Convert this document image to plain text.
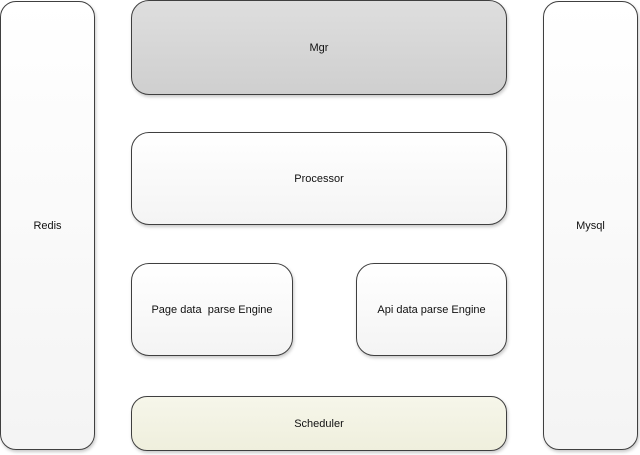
Redis
Mgr
Processor
Page data  parse Engine	Api data parse Engine
Scheduler
Mysql
